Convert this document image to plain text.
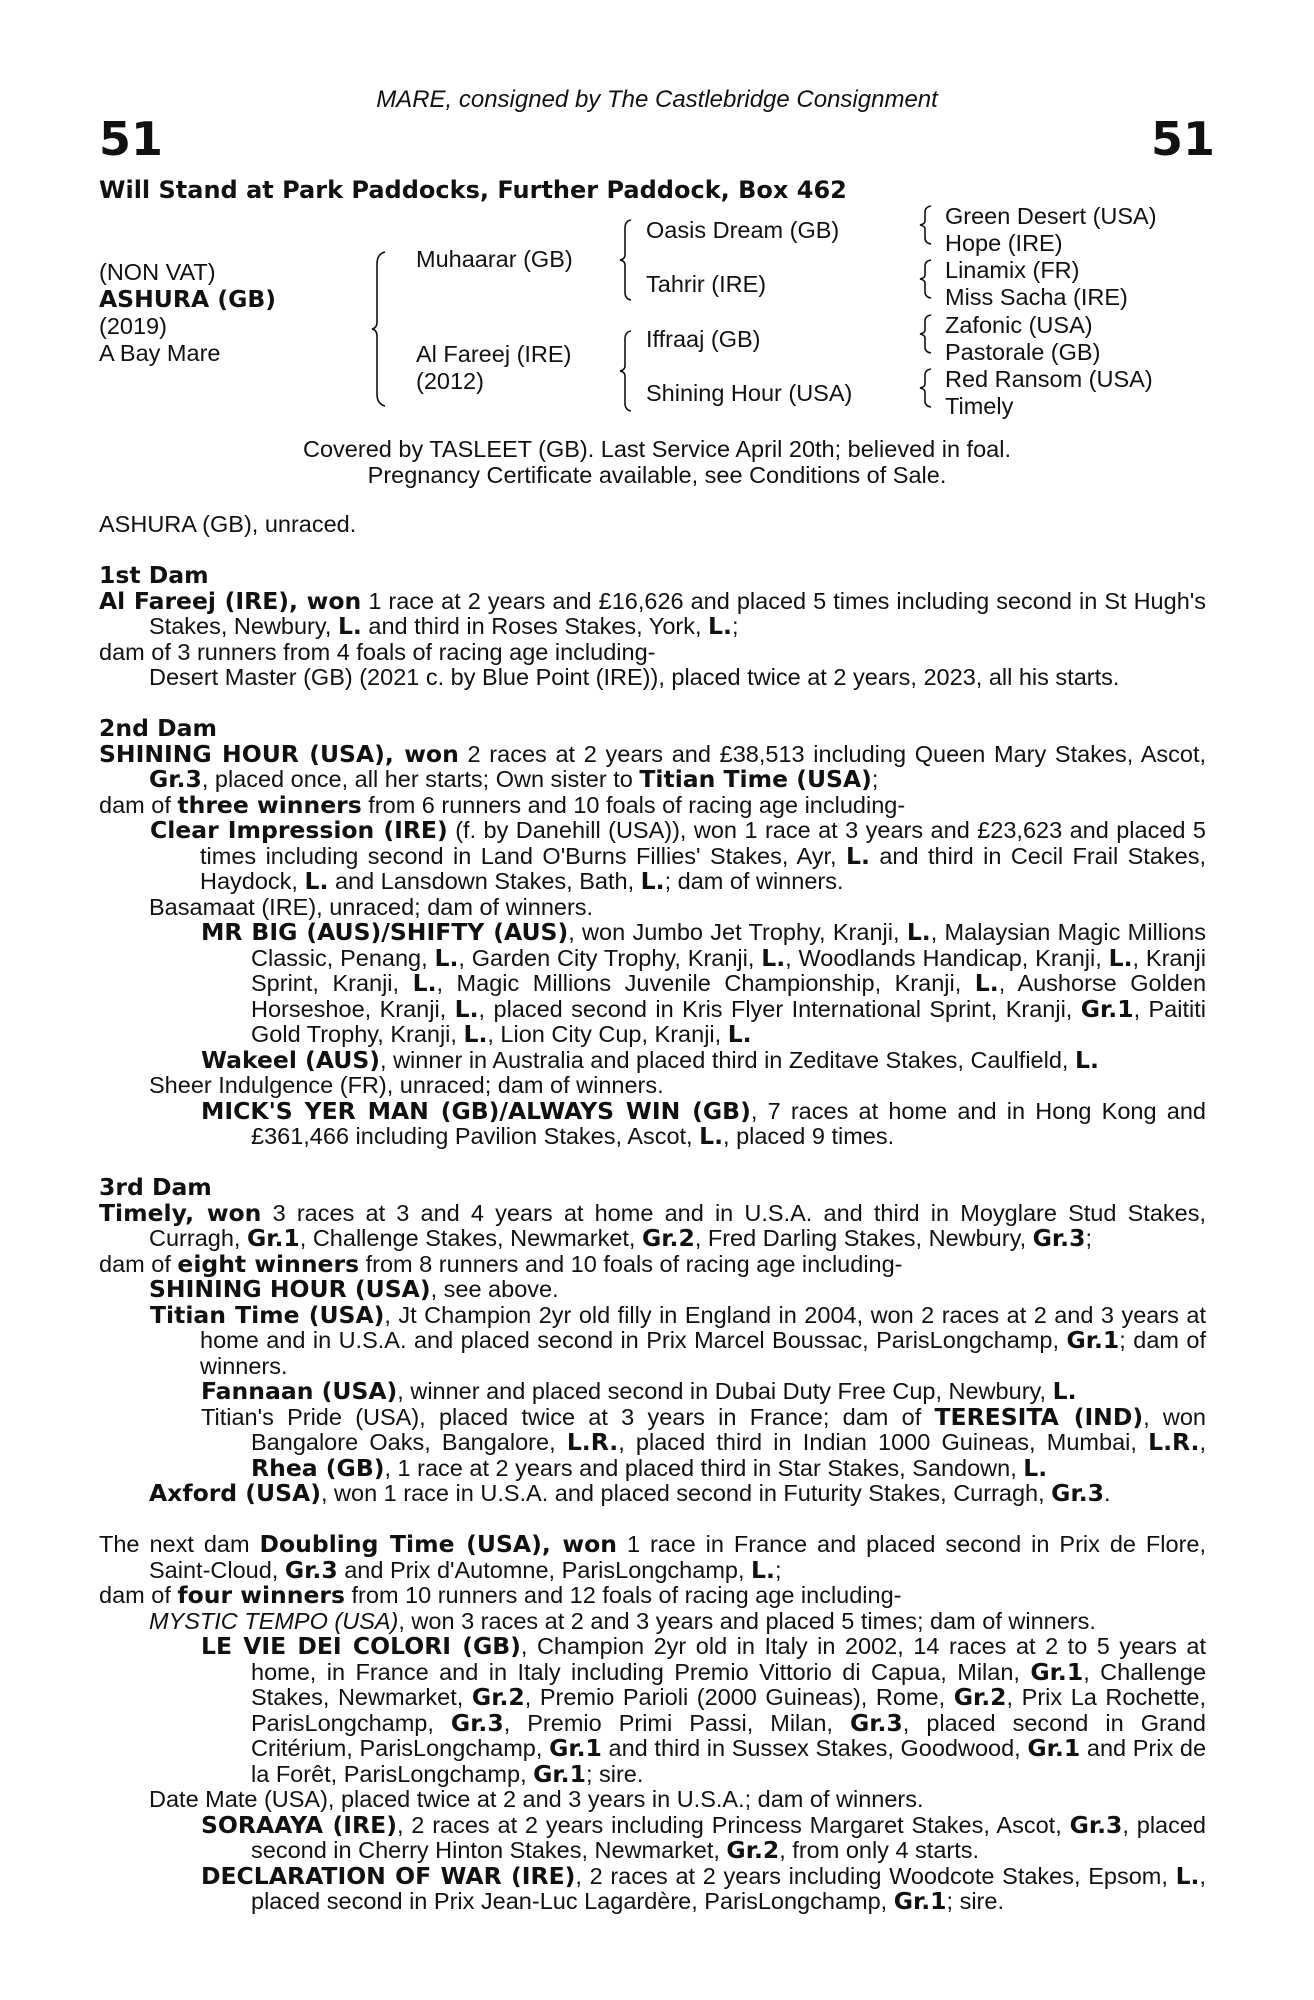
MARE, consigned by The Castlebridge Consignment
51	51
Will Stand at Park Paddocks, Further Paddock, Box 462
(NON VAT)
ASHURA (GB)
(2019)
A Bay Mare
Muhaarar (GB)
Al Fareej (IRE)
(2012)
Oasis Dream (GB)
Tahrir (IRE)
Iffraaj (GB)
Shining Hour (USA)
Green Desert (USA)
Hope (IRE)
Linamix (FR)
Miss Sacha (IRE)
Zafonic (USA)
Pastorale (GB)
Red Ransom (USA)
Timely
Covered by TASLEET (GB). Last Service April 20th; believed in foal.
Pregnancy Certificate available, see Conditions of Sale.

ASHURA (GB), unraced.

1st Dam

Al Fareej (IRE), won 1 race at 2 years and £16,626 and placed 5 times including second in St Hugh's Stakes, Newbury, L. and third in Roses Stakes, York, L.;

dam of 3 runners from 4 foals of racing age including-

Desert Master (GB) (2021 c. by Blue Point (IRE)), placed twice at 2 years, 2023, all his starts.

2nd Dam

SHINING HOUR (USA), won 2 races at 2 years and £38,513 including Queen Mary Stakes, Ascot, Gr.3, placed once, all her starts; Own sister to Titian Time (USA);

dam of three winners from 6 runners and 10 foals of racing age including-

Clear Impression (IRE) (f. by Danehill (USA)), won 1 race at 3 years and £23,623 and placed 5 times including second in Land O'Burns Fillies' Stakes, Ayr, L. and third in Cecil Frail Stakes, Haydock, L. and Lansdown Stakes, Bath, L.; dam of winners.

Basamaat (IRE), unraced; dam of winners.

MR BIG (AUS)/SHIFTY (AUS), won Jumbo Jet Trophy, Kranji, L., Malaysian Magic Millions Classic, Penang, L., Garden City Trophy, Kranji, L., Woodlands Handicap, Kranji, L., Kranji Sprint, Kranji, L., Magic Millions Juvenile Championship, Kranji, L., Aushorse Golden Horseshoe, Kranji, L., placed second in Kris Flyer International Sprint, Kranji, Gr.1, Paititi Gold Trophy, Kranji, L., Lion City Cup, Kranji, L.

Wakeel (AUS), winner in Australia and placed third in Zeditave Stakes, Caulfield, L.

Sheer Indulgence (FR), unraced; dam of winners.

MICK'S YER MAN (GB)/ALWAYS WIN (GB), 7 races at home and in Hong Kong and £361,466 including Pavilion Stakes, Ascot, L., placed 9 times.

3rd Dam

Timely, won 3 races at 3 and 4 years at home and in U.S.A. and third in Moyglare Stud Stakes, Curragh, Gr.1, Challenge Stakes, Newmarket, Gr.2, Fred Darling Stakes, Newbury, Gr.3;

dam of eight winners from 8 runners and 10 foals of racing age including-

SHINING HOUR (USA), see above.

Titian Time (USA), Jt Champion 2yr old filly in England in 2004, won 2 races at 2 and 3 years at home and in U.S.A. and placed second in Prix Marcel Boussac, ParisLongchamp, Gr.1; dam of winners.

Fannaan (USA), winner and placed second in Dubai Duty Free Cup, Newbury, L.

Titian's Pride (USA), placed twice at 3 years in France; dam of TERESITA (IND), won Bangalore Oaks, Bangalore, L.R., placed third in Indian 1000 Guineas, Mumbai, L.R., Rhea (GB), 1 race at 2 years and placed third in Star Stakes, Sandown, L.

Axford (USA), won 1 race in U.S.A. and placed second in Futurity Stakes, Curragh, Gr.3.

The next dam Doubling Time (USA), won 1 race in France and placed second in Prix de Flore, Saint-Cloud, Gr.3 and Prix d'Automne, ParisLongchamp, L.;

dam of four winners from 10 runners and 12 foals of racing age including-

MYSTIC TEMPO (USA), won 3 races at 2 and 3 years and placed 5 times; dam of winners.

LE VIE DEI COLORI (GB), Champion 2yr old in Italy in 2002, 14 races at 2 to 5 years at home, in France and in Italy including Premio Vittorio di Capua, Milan, Gr.1, Challenge Stakes, Newmarket, Gr.2, Premio Parioli (2000 Guineas), Rome, Gr.2, Prix La Rochette, ParisLongchamp, Gr.3, Premio Primi Passi, Milan, Gr.3, placed second in Grand Critérium, ParisLongchamp, Gr.1 and third in Sussex Stakes, Goodwood, Gr.1 and Prix de la Forêt, ParisLongchamp, Gr.1; sire.

Date Mate (USA), placed twice at 2 and 3 years in U.S.A.; dam of winners.

SORAAYA (IRE), 2 races at 2 years including Princess Margaret Stakes, Ascot, Gr.3, placed second in Cherry Hinton Stakes, Newmarket, Gr.2, from only 4 starts.

DECLARATION OF WAR (IRE), 2 races at 2 years including Woodcote Stakes, Epsom, L., placed second in Prix Jean-Luc Lagardère, ParisLongchamp, Gr.1; sire.
